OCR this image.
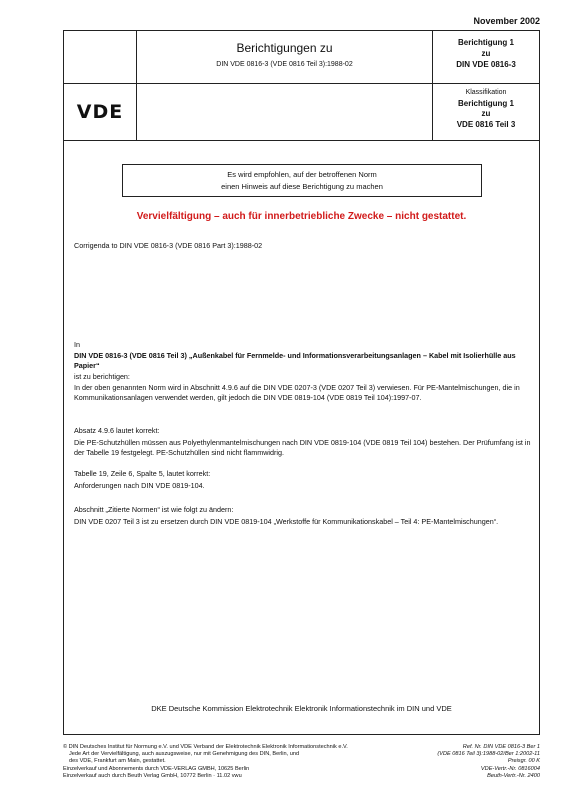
November 2002
VDE
Berichtigungen zu
DIN VDE 0816-3 (VDE 0816 Teil 3):1988-02
Berichtigung 1
zu
DIN VDE 0816-3
Klassifikation
Berichtigung 1
zu
VDE 0816 Teil 3
Es wird empfohlen, auf der betroffenen Norm
einen Hinweis auf diese Berichtigung zu machen
Vervielfältigung – auch für innerbetriebliche Zwecke – nicht gestattet.
Corrigenda to DIN VDE 0816-3 (VDE 0816 Part 3):1988-02
In
DIN VDE 0816-3 (VDE 0816 Teil 3) „Außenkabel für Fernmelde- und Informationsverarbeitungsanlagen – Kabel mit Isolierhülle aus Papier“
ist zu berichtigen:
In der oben genannten Norm wird in Abschnitt 4.9.6 auf die DIN VDE 0207-3 (VDE 0207 Teil 3) verwiesen. Für PE-Mantelmischungen, die in Kommunikationsanlagen verwendet werden, gilt jedoch die DIN VDE 0819-104 (VDE 0819 Teil 104):1997-07.
Absatz 4.9.6 lautet korrekt:
Die PE-Schutzhüllen müssen aus Polyethylenmantelmischungen nach DIN VDE 0819-104 (VDE 0819 Teil 104) bestehen. Der Prüfumfang ist in der Tabelle 19 festgelegt. PE-Schutzhüllen sind nicht flammwidrig.
Tabelle 19, Zeile 6, Spalte 5, lautet korrekt:
Anforderungen nach DIN VDE 0819-104.
Abschnitt „Zitierte Normen“ ist wie folgt zu ändern:
DIN VDE 0207 Teil 3 ist zu ersetzen durch DIN VDE 0819-104 „Werkstoffe für Kommunikationskabel – Teil 4: PE-Mantelmischungen“.
DKE Deutsche Kommission Elektrotechnik Elektronik Informationstechnik im DIN und VDE
© DIN Deutsches Institut für Normung e.V. und VDE Verband der Elektrotechnik Elektronik Informationstechnik e.V.
Jede Art der Vervielfältigung, auch auszugsweise, nur mit Genehmigung des DIN, Berlin, und
des VDE, Frankfurt am Main, gestattet.
Einzelverkauf und Abonnements durch VDE-VERLAG GMBH, 10625 Berlin
Einzelverkauf auch durch Beuth Verlag GmbH, 10772 Berlin · 11.02 vwu
Ref. Nr. DIN VDE 0816-3 Ber 1
(VDE 0816 Teil 3):1988-02/Ber 1:2002-11
Preisgr. 00 K
VDE-Vertr.-Nr. 0816004
Beuth-Vertr.-Nr. 2400
